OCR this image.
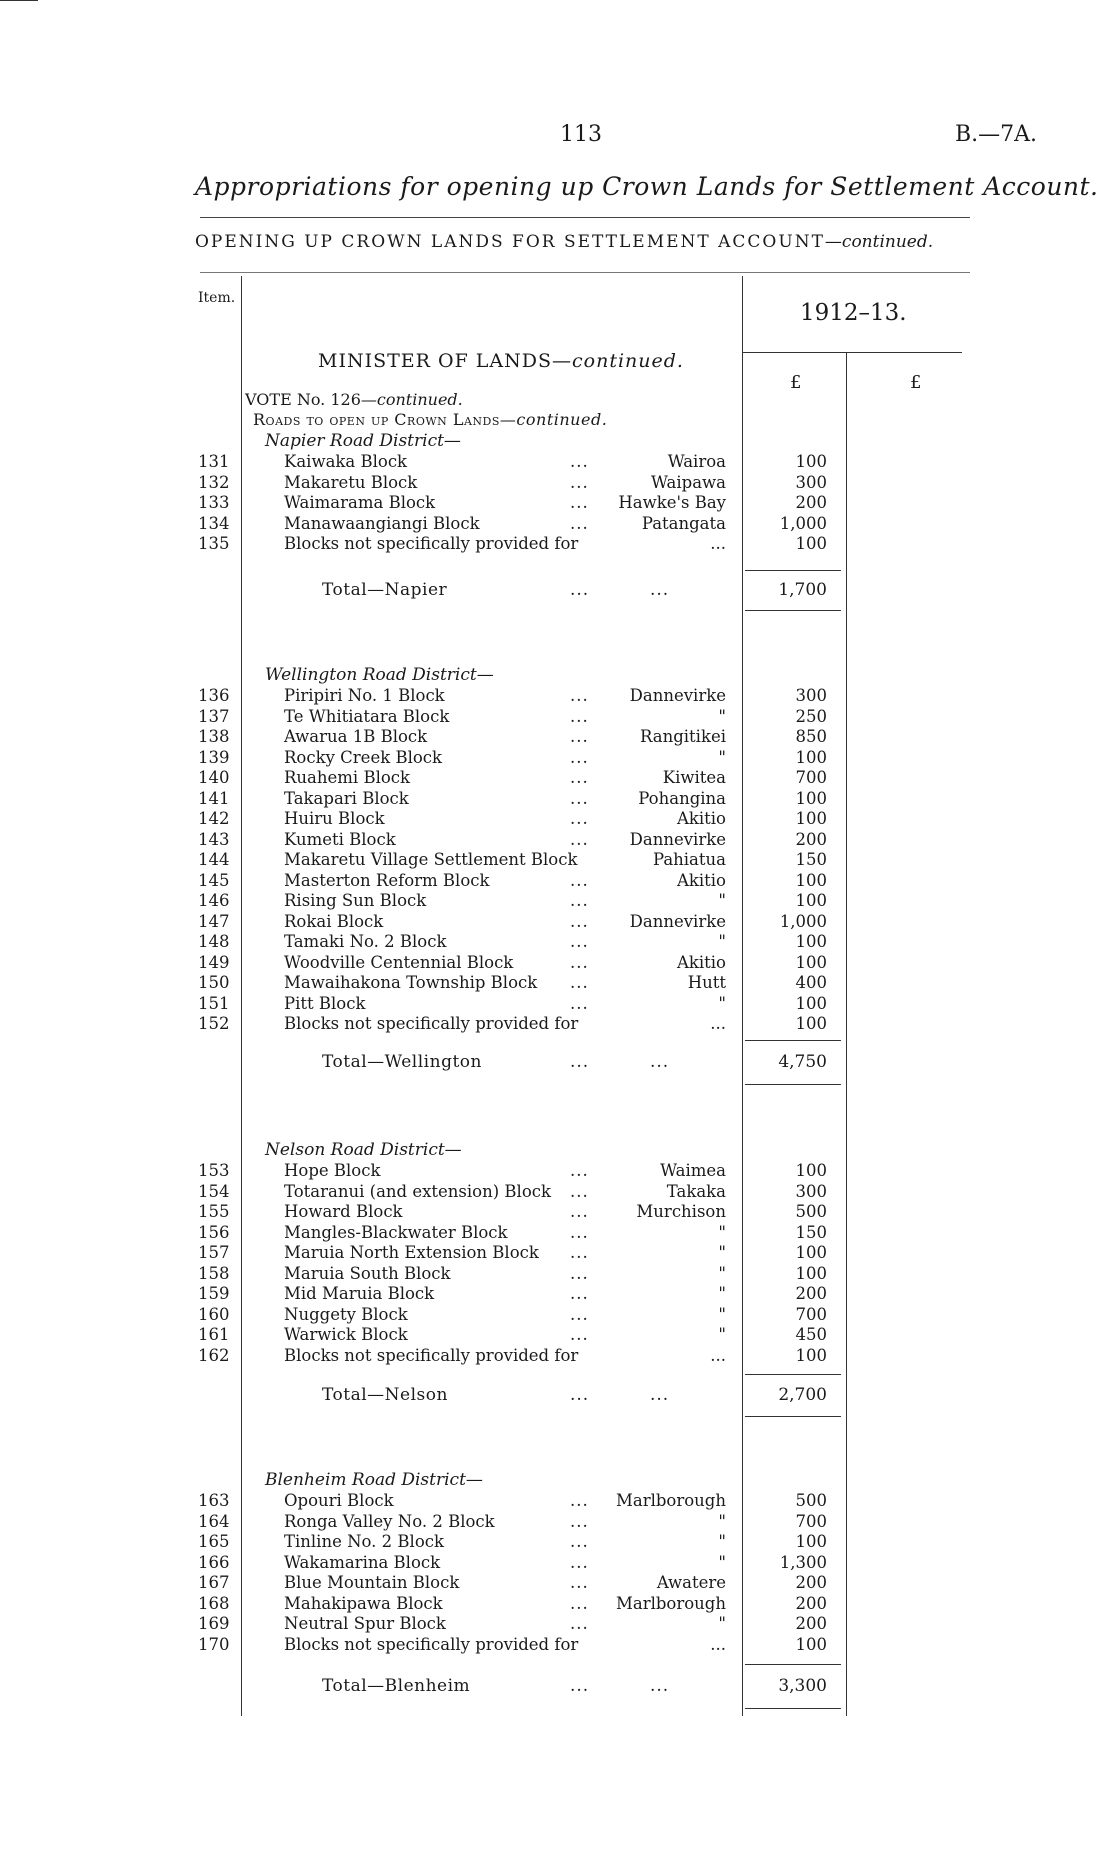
113	B.—7A.
Appropriations for opening up Crown Lands for Settlement Account.
OPENING UP CROWN LANDS FOR SETTLEMENT ACCOUNT—continued.
Item.
1912–13.
£	£
MINISTER OF LANDS—continued.
VOTE No. 126—continued.
Roads to open up Crown Lands—continued.
Napier Road District—
131	Kaiwaka Block	...	Wairoa	100
132	Makaretu Block	...	Waipawa	300
133	Waimarama Block	...	Hawke's Bay	200
134	Manawaangiangi Block	...	Patangata	1,000
135	Blocks not specifically provided for	...	100
Total—Napier	...	...	1,700
Wellington Road District—
136	Piripiri No. 1 Block	...	Dannevirke	300
137	Te Whitiatara Block	...	"	250
138	Awarua 1B Block	...	Rangitikei	850
139	Rocky Creek Block	...	"	100
140	Ruahemi Block	...	Kiwitea	700
141	Takapari Block	...	Pohangina	100
142	Huiru Block	...	Akitio	100
143	Kumeti Block	...	Dannevirke	200
144	Makaretu Village Settlement Block	Pahiatua	150
145	Masterton Reform Block	...	Akitio	100
146	Rising Sun Block	...	"	100
147	Rokai Block	...	Dannevirke	1,000
148	Tamaki No. 2 Block	...	"	100
149	Woodville Centennial Block	...	Akitio	100
150	Mawaihakona Township Block ...	Hutt	400
151	Pitt Block	...	"	100
152	Blocks not specifically provided for	...	100
Total—Wellington	...	...	4,750
Nelson Road District—
153	Hope Block	...	Waimea	100
154	Totaranui (and extension) Block ...	Takaka	300
155	Howard Block	...	Murchison	500
156	Mangles-Blackwater Block	...	"	150
157	Maruia North Extension Block ...	"	100
158	Maruia South Block	...	"	100
159	Mid Maruia Block	...	"	200
160	Nuggety Block	...	"	700
161	Warwick Block	...	"	450
162	Blocks not specifically provided for	...	100
Total—Nelson	...	...	2,700
Blenheim Road District—
163	Opouri Block	...	Marlborough	500
164	Ronga Valley No. 2 Block	...	"	700
165	Tinline No. 2 Block	...	"	100
166	Wakamarina Block	...	"	1,300
167	Blue Mountain Block	...	Awatere	200
168	Mahakipawa Block	...	Marlborough	200
169	Neutral Spur Block	...	"	200
170	Blocks not specifically provided for	...	100
Total—Blenheim	...	...	3,300
